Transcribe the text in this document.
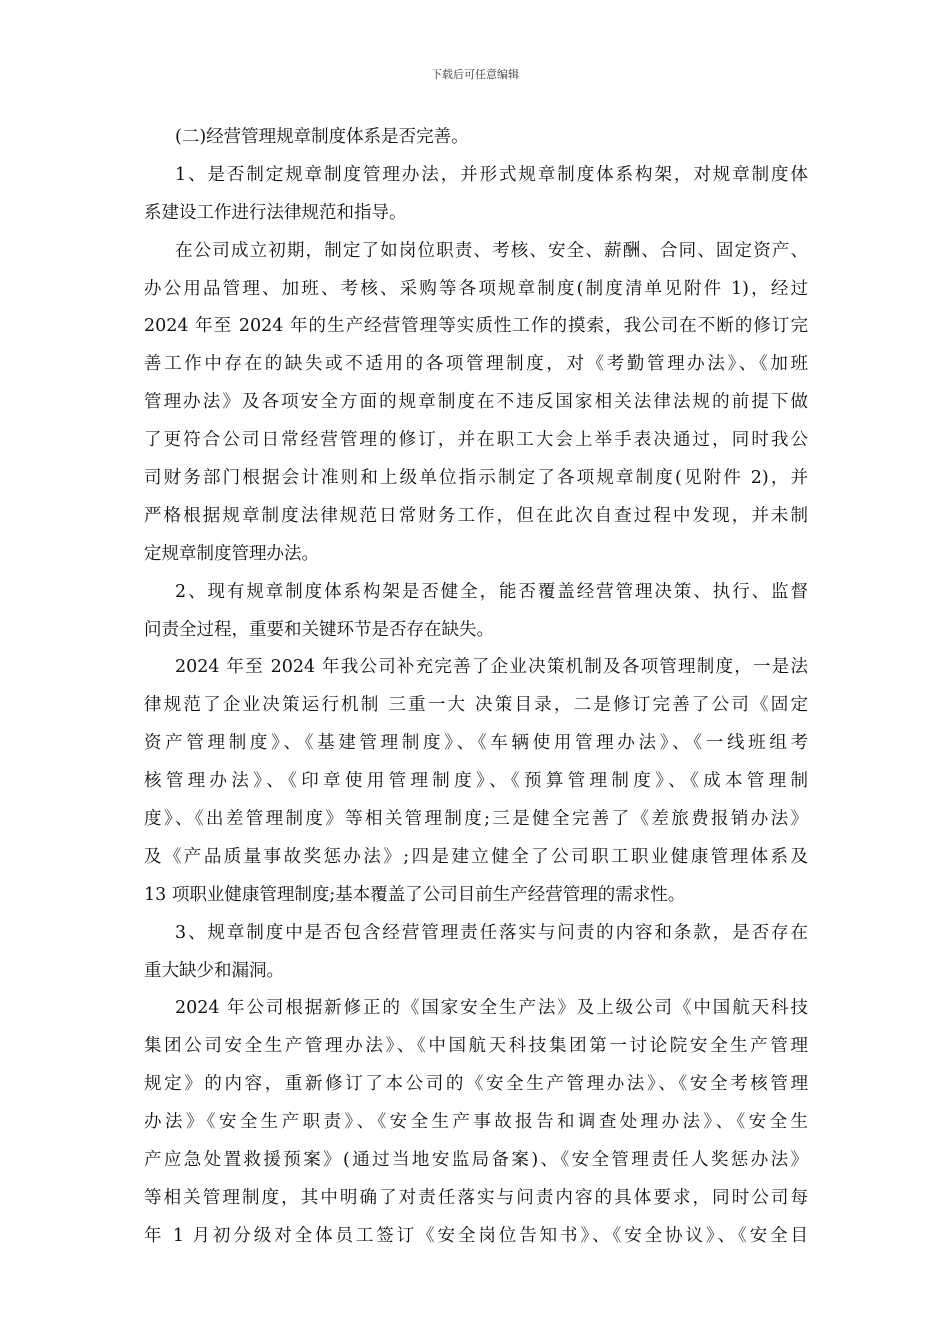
下载后可任意编辑
(二)经营管理规章制度体系是否完善。
1、是否制定规章制度管理办法，并形式规章制度体系构架，对规章制度体
系建设工作进行法律规范和指导。
在公司成立初期，制定了如岗位职责、考核、安全、薪酬、合同、固定资产、
办公用品管理、加班、考核、采购等各项规章制度(制度清单见附件 1)，经过
2024 年至 2024 年的生产经营管理等实质性工作的摸索，我公司在不断的修订完
善工作中存在的缺失或不适用的各项管理制度，对《考勤管理办法》、《加班
管理办法》及各项安全方面的规章制度在不违反国家相关法律法规的前提下做
了更符合公司日常经营管理的修订，并在职工大会上举手表决通过，同时我公
司财务部门根据会计准则和上级单位指示制定了各项规章制度(见附件 2)，并
严格根据规章制度法律规范日常财务工作，但在此次自查过程中发现，并未制
定规章制度管理办法。
2、现有规章制度体系构架是否健全，能否覆盖经营管理决策、执行、监督
问责全过程，重要和关键环节是否存在缺失。
2024 年至 2024 年我公司补充完善了企业决策机制及各项管理制度，一是法
律规范了企业决策运行机制 三重一大 决策目录，二是修订完善了公司《固定
资产管理制度》、《基建管理制度》、《车辆使用管理办法》、《一线班组考
核管理办法》、《印章使用管理制度》、《预算管理制度》、《成本管理制
度》、《出差管理制度》等相关管理制度;三是健全完善了《差旅费报销办法》
及《产品质量事故奖惩办法》;四是建立健全了公司职工职业健康管理体系及
13 项职业健康管理制度;基本覆盖了公司目前生产经营管理的需求性。
3、规章制度中是否包含经营管理责任落实与问责的内容和条款，是否存在
重大缺少和漏洞。
2024 年公司根据新修正的《国家安全生产法》及上级公司《中国航天科技
集团公司安全生产管理办法》、《中国航天科技集团第一讨论院安全生产管理
规定》的内容，重新修订了本公司的《安全生产管理办法》、《安全考核管理
办法》《安全生产职责》、《安全生产事故报告和调查处理办法》、《安全生
产应急处置救援预案》(通过当地安监局备案)、《安全管理责任人奖惩办法》
等相关管理制度，其中明确了对责任落实与问责内容的具体要求，同时公司每
年 1 月初分级对全体员工签订《安全岗位告知书》、《安全协议》、《安全目
